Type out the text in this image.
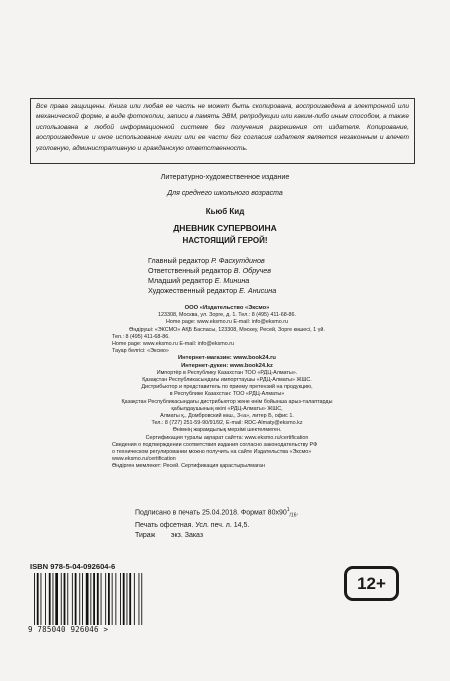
Все права защищены. Книга или любая ее часть не может быть скопирована, воспроизведена в электронной или механической форме, в виде фотокопии, записи в память ЭВМ, репродукции или каким-либо иным способом, а также использована в любой информационной системе без получения разрешения от издателя. Копирование, воспроизведение и иное использование книги или ее части без согласия издателя является незаконным и влечет уголовную, административную и гражданскую ответственность.
Литературно-художественное издание
Для среднего школьного возраста
Кьюб Кид
ДНЕВНИК СУПЕРВОИНА
НАСТОЯЩИЙ ГЕРОЙ!
Главный редактор Р. Фасхутдинов
Ответственный редактор В. Обручев
Младший редактор Е. Минина
Художественный редактор Е. Анисина
ООО «Издательство «Эксмо»
123308, Москва, ул. Зорге, д. 1. Тел.: 8 (495) 411-68-86.
Home page: www.eksmo.ru E-mail: info@eksmo.ru
Өндіруші: «ЭКСМО» АҚБ Баспасы, 123308, Мәскеу, Ресей, Зорге көшесі, 1 үй.
Тел.: 8 (495) 411-68-86.
Home page: www.eksmo.ru E-mail: info@eksmo.ru
Тауар белгісі: «Эксмо»
Интернет-магазин: www.book24.ru
Интернет-дүкен: www.book24.kz
Импортёр в Республику Казахстан ТОО «РДЦ-Алматы».
Қазақстан Республикасындағы импорттаушы «РДЦ-Алматы» ЖШС.
Дистрибьютор и представитель по приему претензий на продукцию,
в Республике Казахстан: ТОО «РДЦ-Алматы»
Қазақстан Республикасындағы дистрибьютор және өнім бойынша арыз-талаптарды
қабылдаушының өкілі «РДЦ-Алматы» ЖШС,
Алматы қ., Домбровский көш., 3«а», литер Б, офис 1.
Тел.: 8 (727) 251-59-90/91/92, E-mail: RDC-Almaty@eksmo.kz
Өнімнің жарамдылық мерзімі шектелмеген.
Сертификация туралы ақпарат сайтта: www.eksmo.ru/certification
Сведения о подтверждении соответствия издания согласно законодательству РФ
о техническом регулировании можно получить на сайте Издательства «Эксмо»
www.eksmo.ru/certification
Өндірген мемлекет: Ресей. Сертификация қарастырылмаған
Подписано в печать 25.04.2018. Формат $80x90^1_{/16}$.
Печать офсетная. Усл. печ. л. 14,5.
Тираж        экз. Заказ
ISBN 978-5-04-092604-6
9 785040 926046 >
12+
